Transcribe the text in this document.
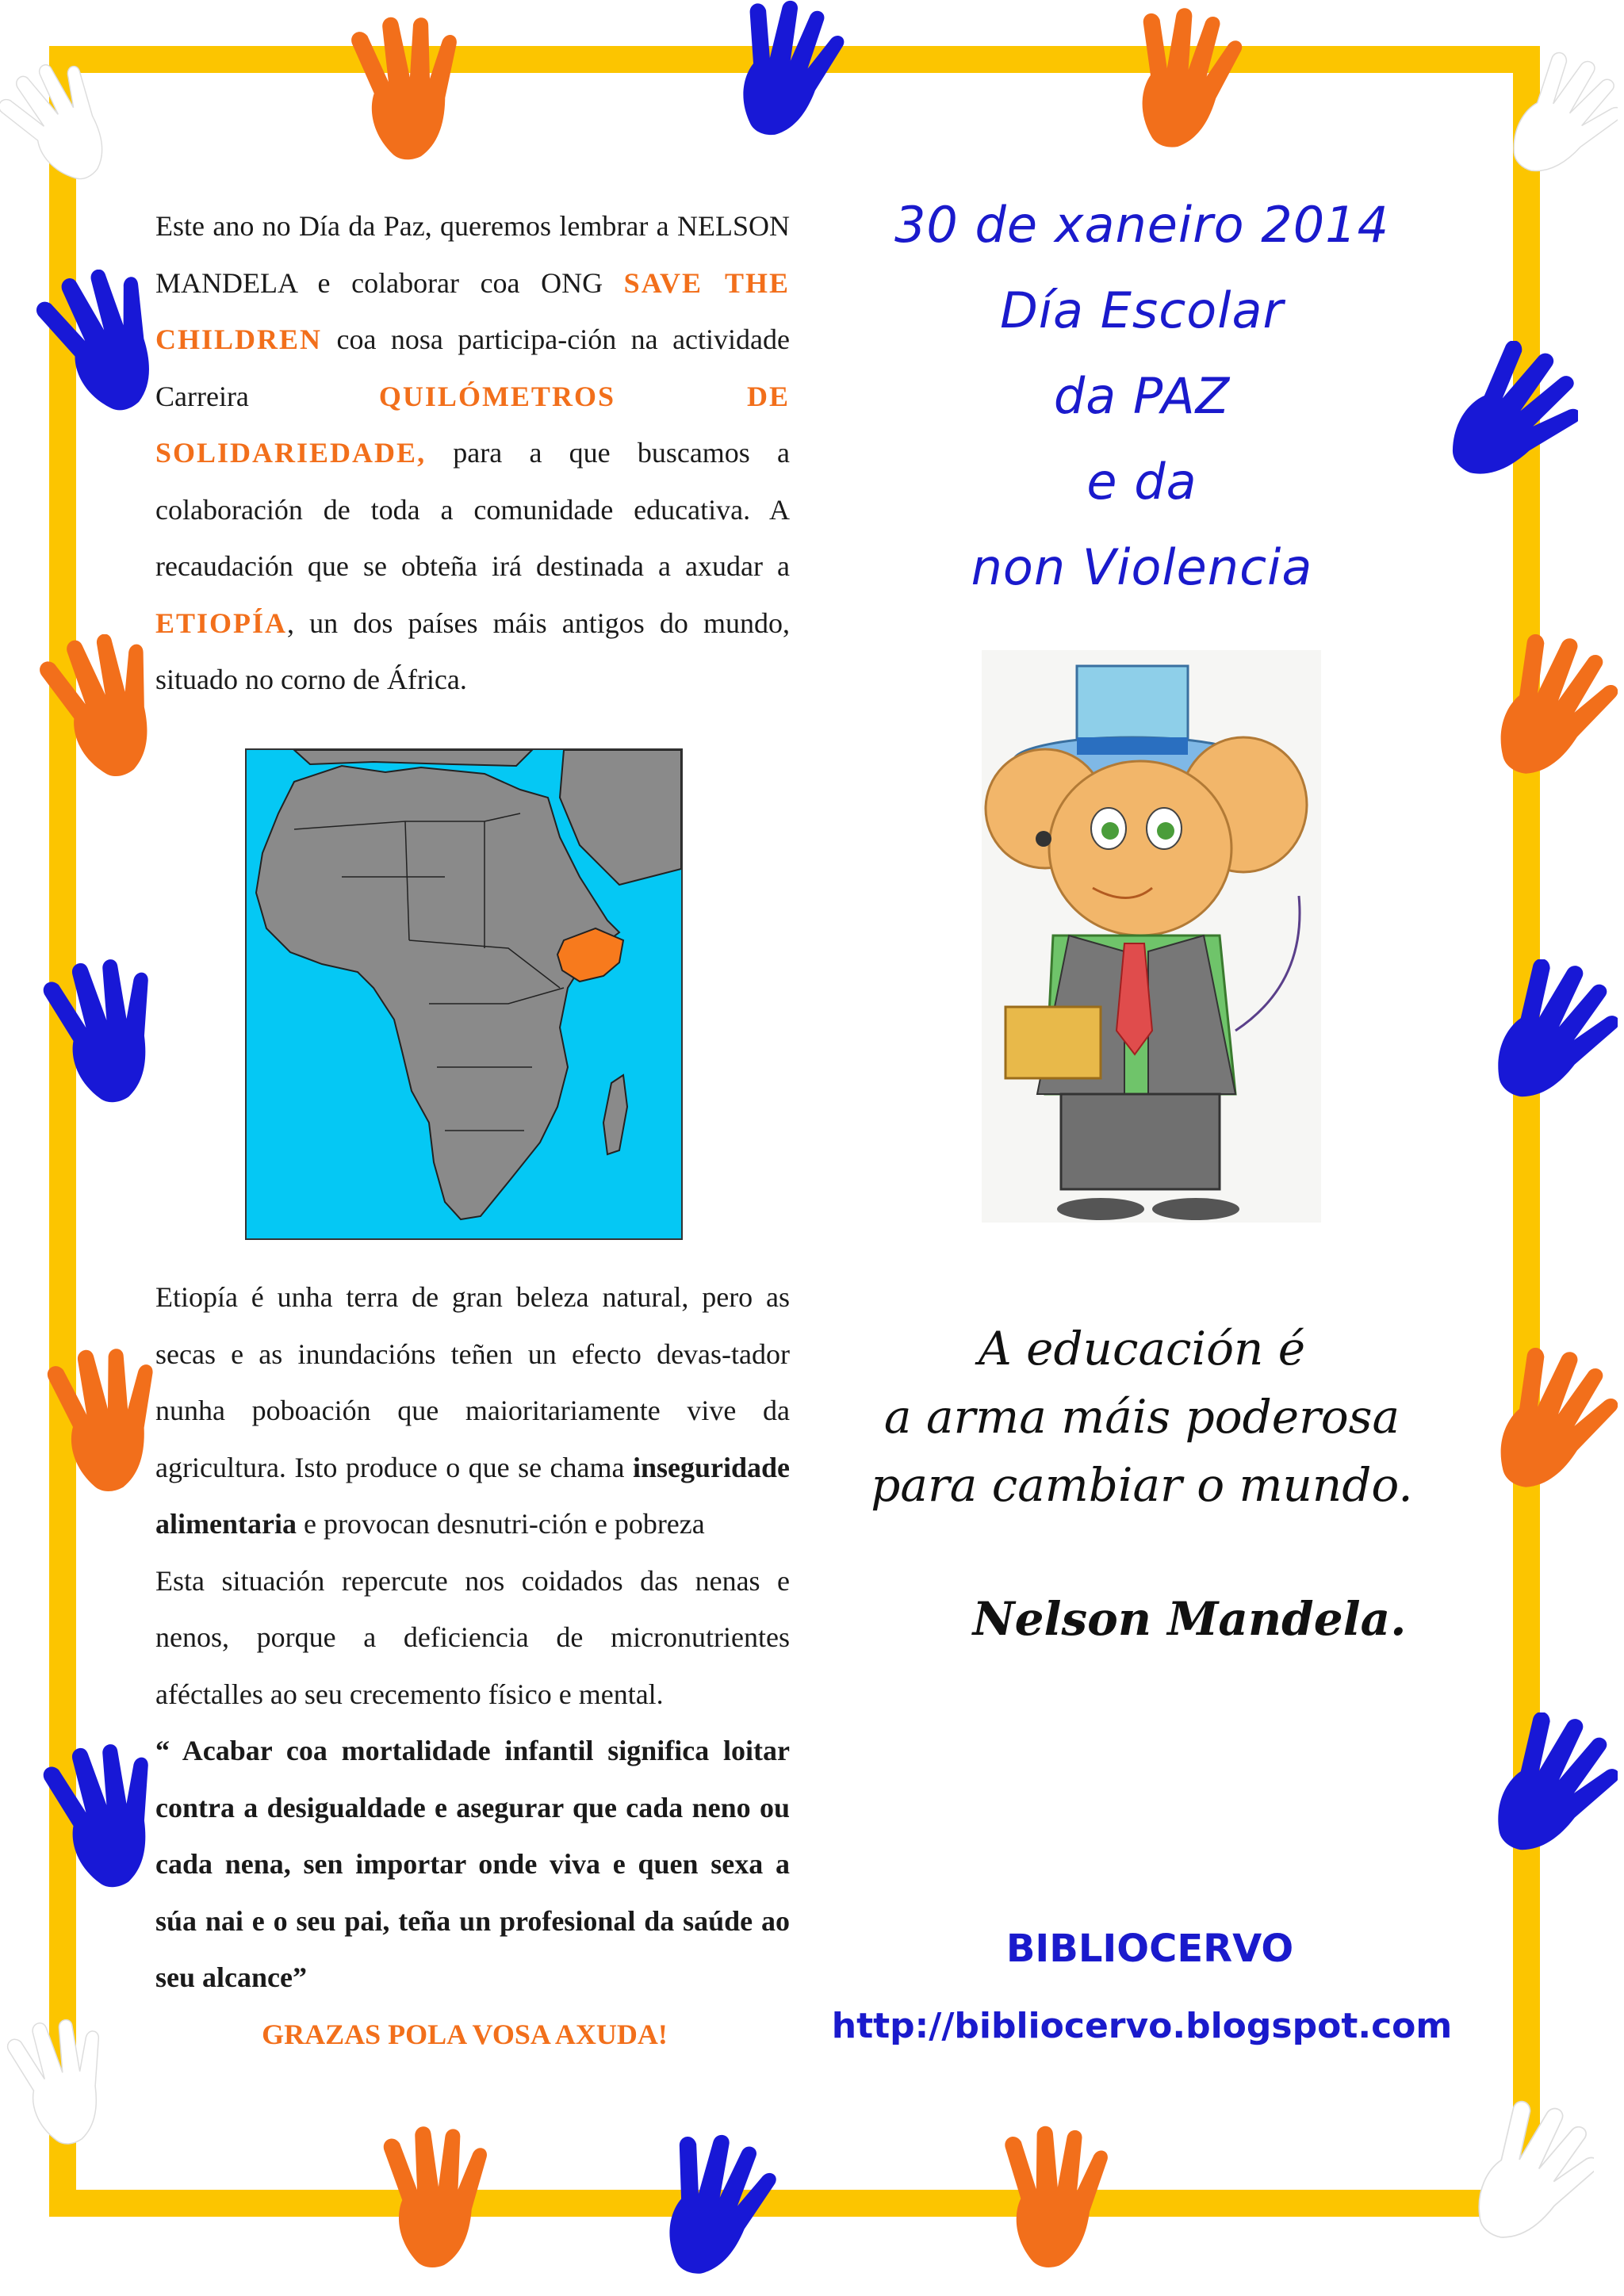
Este ano no Día da Paz, queremos lembrar a NELSON MANDELA e colaborar coa ONG SAVE THE CHILDREN coa nosa participa-ción na actividade Carreira QUILÓMETROS DE SOLIDARIEDADE, para a que buscamos a colaboración de toda a comunidade educativa. A recaudación que se obteña irá destinada a axudar a ETIOPÍA, un dos países máis antigos do mundo, situado no corno de África.

Etiopía é unha terra de gran beleza natural, pero as secas e as inundacións teñen un efecto devas-tador nunha poboación que maioritariamente vive da agricultura. Isto produce o que se chama inseguridade alimentaria e provocan desnutri-ción e pobreza

Esta situación repercute nos coidados das nenas e nenos, porque a deficiencia de micronutrientes aféctalles ao seu crecemento físico e mental.

“ Acabar coa mortalidade infantil significa loitar contra a desigualdade e asegurar que cada neno ou cada nena, sen importar onde viva e quen sexa a súa nai e o seu pai, teña un profesional da saúde ao seu alcance”

GRAZAS POLA VOSA AXUDA!
30 de xaneiro 2014
Día Escolar
da PAZ
e da
non Violencia
A educación é
a arma máis poderosa
para cambiar o mundo.
Nelson Mandela.
BIBLIOCERVO
http://bibliocervo.blogspot.com
